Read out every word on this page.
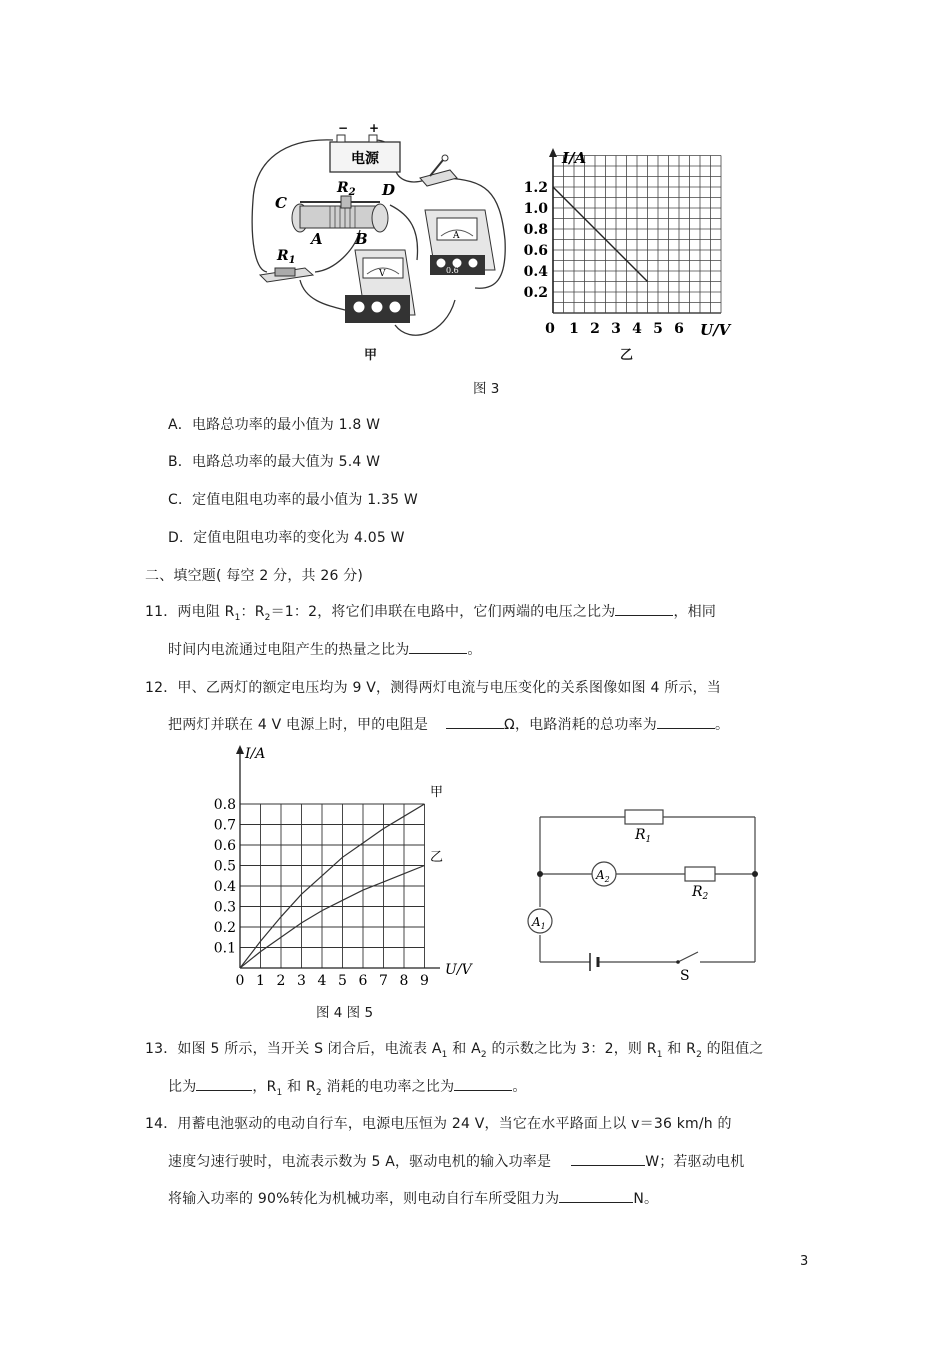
电源
− +
C
$R_2$ D
A B
$R_1$
A
0.6
V
甲
I/A
1.2
1.0
0.8
0.6
0.4
0.2
0 1 2 3 4 5 6 U/V
乙
图 3
A．电路总功率的最小值为 1.8 W
B．电路总功率的最大值为 5.4 W
C．定值电阻电功率的最小值为 1.35 W
D．定值电阻电功率的变化为 4.05 W
二、填空题( 每空 2 分，共 26 分)
11．两电阻 $R_1$：$R_2=1$：2，将它们串联在电路中，它们两端的电压之比为	，相同
时间内电流通过电阻产生的热量之比为	。
12．甲、乙两灯的额定电压均为 9 V，测得两灯电流与电压变化的关系图像如图 4 所示，当
把两灯并联在 4 V 电源上时，甲的电阻是	Ω，电路消耗的总功率为	。
I/A
U/V
0.8
0.7
0.6
0.5
0.4
0.3
0.2
0.1
0 1 2 3 4 5 6 7 8 9
甲
乙
$R_1$
$R_2$
$A_2$
$A_1$
S
图 4 图 5
13．如图 5 所示，当开关 S 闭合后，电流表 $A_1$ 和 $A_2$ 的示数之比为 3：2，则 $R_1$ 和 $R_2$ 的阻值之
比为	，$R_1$ 和 $R_2$ 消耗的电功率之比为	。
14．用蓄电池驱动的电动自行车，电源电压恒为 24 V，当它在水平路面上以 v＝36 km/h 的
速度匀速行驶时，电流表示数为 5 A，驱动电机的输入功率是	W；若驱动电机
将输入功率的 90%转化为机械功率，则电动自行车所受阻力为	N。
3
